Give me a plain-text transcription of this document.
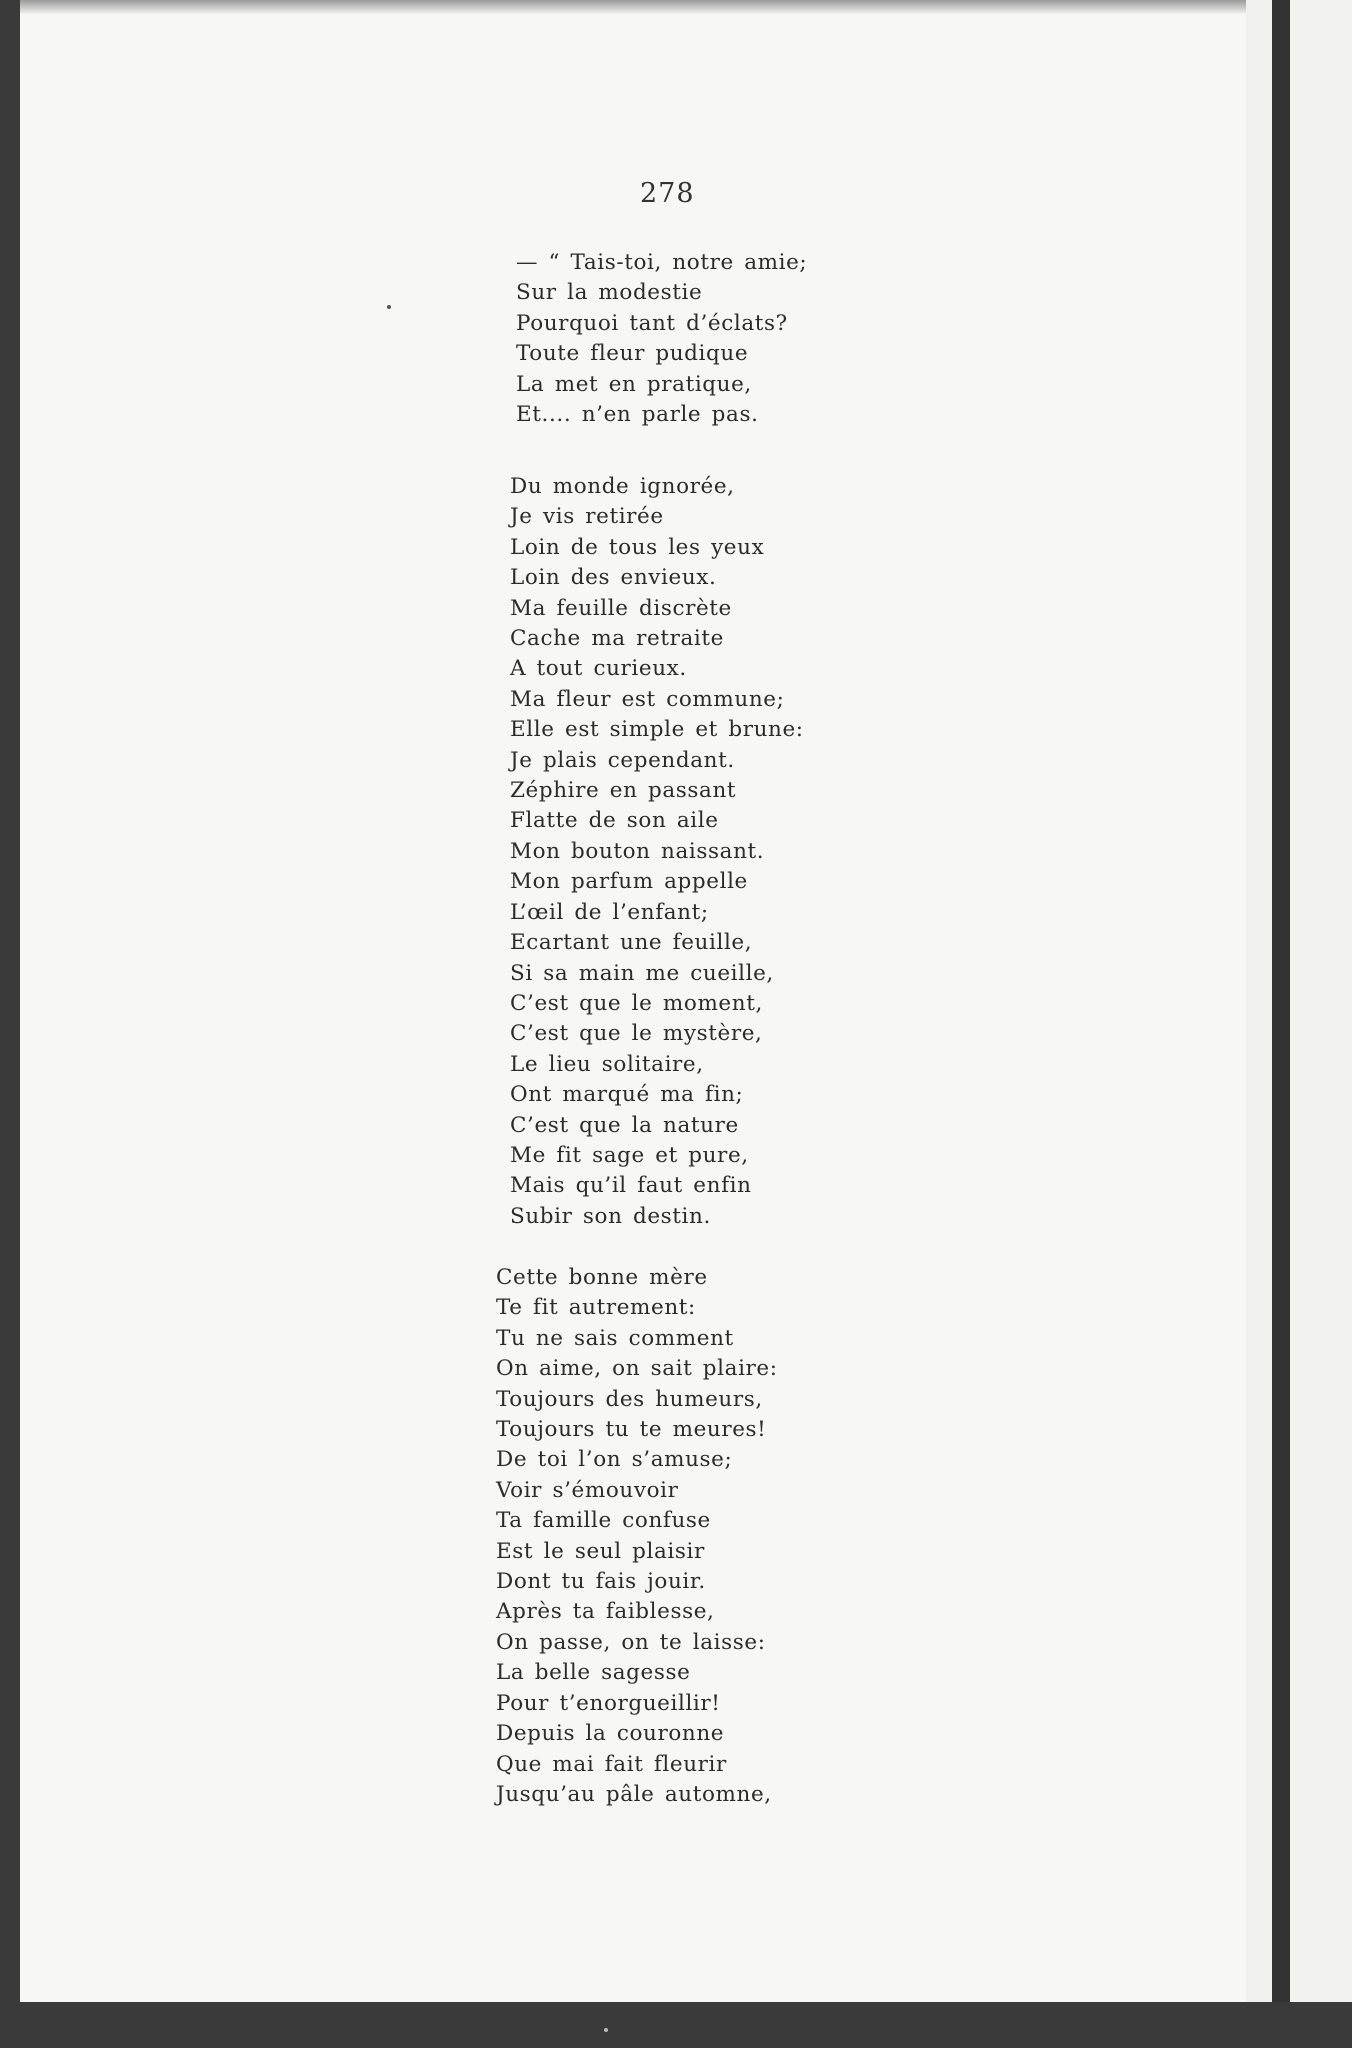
278
— “ Tais-toi, notre amie;
Sur la modestie
Pourquoi tant d’éclats?
Toute fleur pudique
La met en pratique,
Et.... n’en parle pas.
Du monde ignorée,
Je vis retirée
Loin de tous les yeux
Loin des envieux.
Ma feuille discrète
Cache ma retraite
A tout curieux.
Ma fleur est commune;
Elle est simple et brune:
Je plais cependant.
Zéphire en passant
Flatte de son aile
Mon bouton naissant.
Mon parfum appelle
L’œil de l’enfant;
Ecartant une feuille,
Si sa main me cueille,
C’est que le moment,
C’est que le mystère,
Le lieu solitaire,
Ont marqué ma fin;
C’est que la nature
Me fit sage et pure,
Mais qu’il faut enfin
Subir son destin.
Cette bonne mère
Te fit autrement:
Tu ne sais comment
On aime, on sait plaire:
Toujours des humeurs,
Toujours tu te meures!
De toi l’on s’amuse;
Voir s’émouvoir
Ta famille confuse
Est le seul plaisir
Dont tu fais jouir.
Après ta faiblesse,
On passe, on te laisse:
La belle sagesse
Pour t’enorgueillir!
Depuis la couronne
Que mai fait fleurir
Jusqu’au pâle automne,
